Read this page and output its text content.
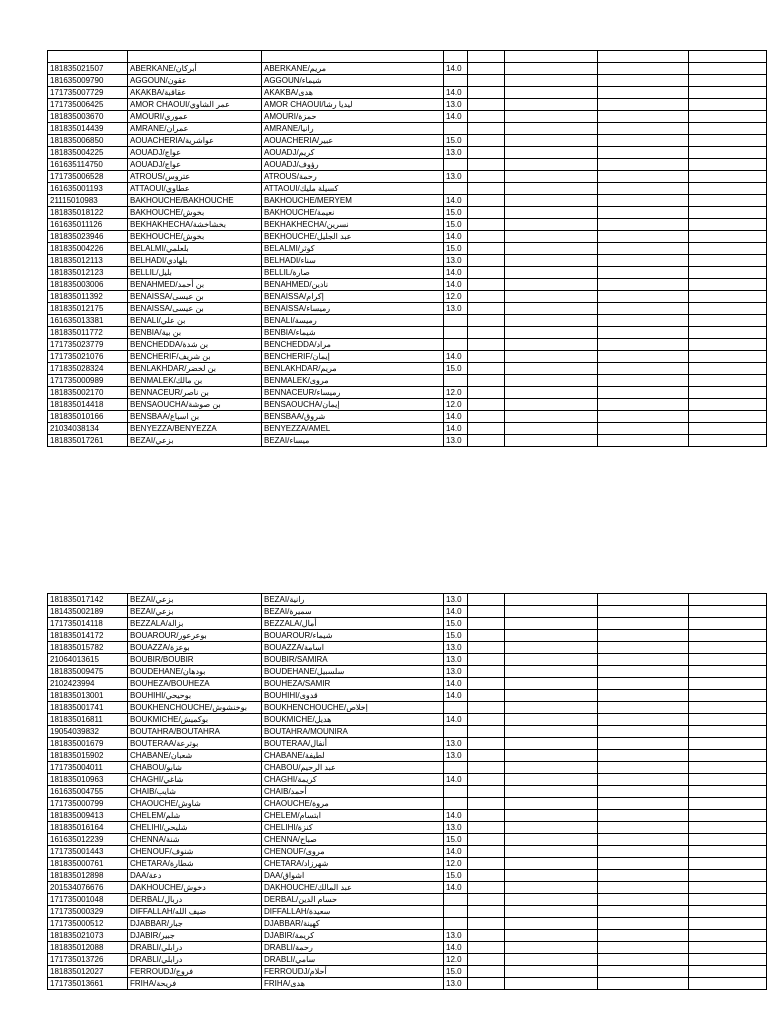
181835021507	ABERKANE/أبركان	ABERKANE/مريم	14.0				
181635009790	AGGOUN/عقون	AGGOUN/شيماء					
171735007729	AKAKBA/عقاقبة	AKAKBA/هدى	14.0				
171735006425	AMOR CHAOUI/عمر الشاوي	AMOR CHAOUI/ليديا رشا	13.0				
181835003670	AMOURI/عموري	AMOURI/حمزة	14.0				
181835014439	AMRANE/عمران	AMRANE/رانيا					
181835006850	AOUACHERIA/عواشرية	AOUACHERIA/عبير	15.0				
181835004225	AOUADJ/عواج	AOUADJ/كريم	13.0				
161635114750	AOUADJ/عواج	AOUADJ/رؤوف					
171735006528	ATROUS/عتروس	ATROUS/رحمة	13.0				
161635001193	ATTAOUI/عطاوي	ATTAOUI/كسيلة مليك					
21115010983	BAKHOUCHE/BAKHOUCHE	BAKHOUCHE/MERYEM	14.0				
181835018122	BAKHOUCHE/بخوش	BAKHOUCHE/نعيمة	15.0				
161635011126	BEKHAKHECHA/بخشاخشة	BEKHAKHECHA/نسرين	15.0				
181835023946	BEKHOUCHE/بخوش	BEKHOUCHE/عبد الجليل	14.0				
181835004226	BELALMI/بلعلمي	BELALMI/كوثر	15.0				
181835012113	BELHADI/بلهادي	BELHADI/سناء	13.0				
181835012123	BELLIL/بليل	BELLIL/صارة	14.0				
181835003006	BENAHMED/بن أحمد	BENAHMED/نادين	14.0				
181835011392	BENAISSA/بن عيسى	BENAISSA/إكرام	12.0				
181835012175	BENAISSA/بن عيسى	BENAISSA/رميساء	13.0				
161635013381	BENALI/بن علي	BENALI/رميسة					
181835011772	BENBIA/بن بية	BENBIA/شيماء					
171735023779	BENCHEDDA/بن شدة	BENCHEDDA/مراد					
171735021076	BENCHERIF/بن شريف	BENCHERIF/إيمان	14.0				
171835028324	BENLAKHDAR/بن لخضر	BENLAKHDAR/مريم	15.0				
171735000989	BENMALEK/بن مالك	BENMALEK/مروى					
181835002170	BENNACEUR/بن ناصر	BENNACEUR/رميساء	12.0				
181835014418	BENSAOUCHA/بن صوشة	BENSAOUCHA/إيمان	12.0				
181835010166	BENSBAA/بن اسباع	BENSBAA/شروق	14.0				
21034038134	BENYEZZA/BENYEZZA	BENYEZZA/AMEL	14.0				
181835017261	BEZAI/بزعي	BEZAI/ميساء	13.0				
181835017142	BEZAI/بزعي	BEZAI/رانية	13.0				
181435002189	BEZAI/بزعي	BEZAI/سميرة	14.0				
171735014118	BEZZALA/بزالة	BEZZALA/أمال	15.0				
181835014172	BOUAROUR/بوعرعور	BOUAROUR/شيماء	15.0				
181835015782	BOUAZZA/بوعزة	BOUAZZA/اسامة	13.0				
21064013615	BOUBIR/BOUBIR	BOUBIR/SAMIRA	13.0				
181835009475	BOUDEHANE/بودهان	BOUDEHANE/سلسبيل	13.0				
2102423994	BOUHEZA/BOUHEZA	BOUHEZA/SAMIR	14.0				
181835013001	BOUHIHI/بوحيحي	BOUHIHI/قدوى	14.0				
181835001741	BOUKHENCHOUCHE/بوخنشوش	BOUKHENCHOUCHE/إخلاص					
181835016811	BOUKMICHE/بوكميش	BOUKMICHE/هديل	14.0				
19054039832	BOUTAHRA/BOUTAHRA	BOUTAHRA/MOUNIRA					
181835001679	BOUTERAA/بوترعة	BOUTERAA/أنفال	13.0				
181835015902	CHABANE/شعبان	CHABANE/لطيفة	13.0				
171735004011	CHABOU/شابو	CHABOU/عبد الرحيم					
181835010963	CHAGHI/شاغي	CHAGHI/كريمة	14.0				
161635004755	CHAIB/شايب	CHAIB/أحمد					
171735000799	CHAOUCHE/شاوش	CHAOUCHE/مروة					
181835009413	CHELEM/شلم	CHELEM/ابتسام	14.0				
181835016164	CHELIHI/شليحي	CHELIHI/كنزة	13.0				
161635012239	CHENNA/شنة	CHENNA/صباح	15.0				
171735001443	CHENOUF/شنوف	CHENOUF/مروى	14.0				
181835000761	CHETARA/شطارة	CHETARA/شهرزاد	12.0				
181835012898	DAA/دعة	DAA/اشواق	15.0				
201534076676	DAKHOUCHE/دخوش	DAKHOUCHE/عبد المالك	14.0				
171735001048	DERBAL/دربال	DERBAL/حسام الدين					
171735000329	DIFFALLAH/ضيف الله	DIFFALLAH/سعيدة					
171735000512	DJABBAR/جبار	DJABBAR/كهينة					
181835021073	DJABIR/جبير	DJABIR/كريمة	13.0				
181835012088	DRABLI/درابلي	DRABLI/رحمة	14.0				
171735013726	DRABLI/درابلي	DRABLI/سامي	12.0				
181835012027	FERROUDJ/فروج	FERROUDJ/أحلام	15.0				
171735013661	FRIHA/فريحة	FRIHA/هدى	13.0				
